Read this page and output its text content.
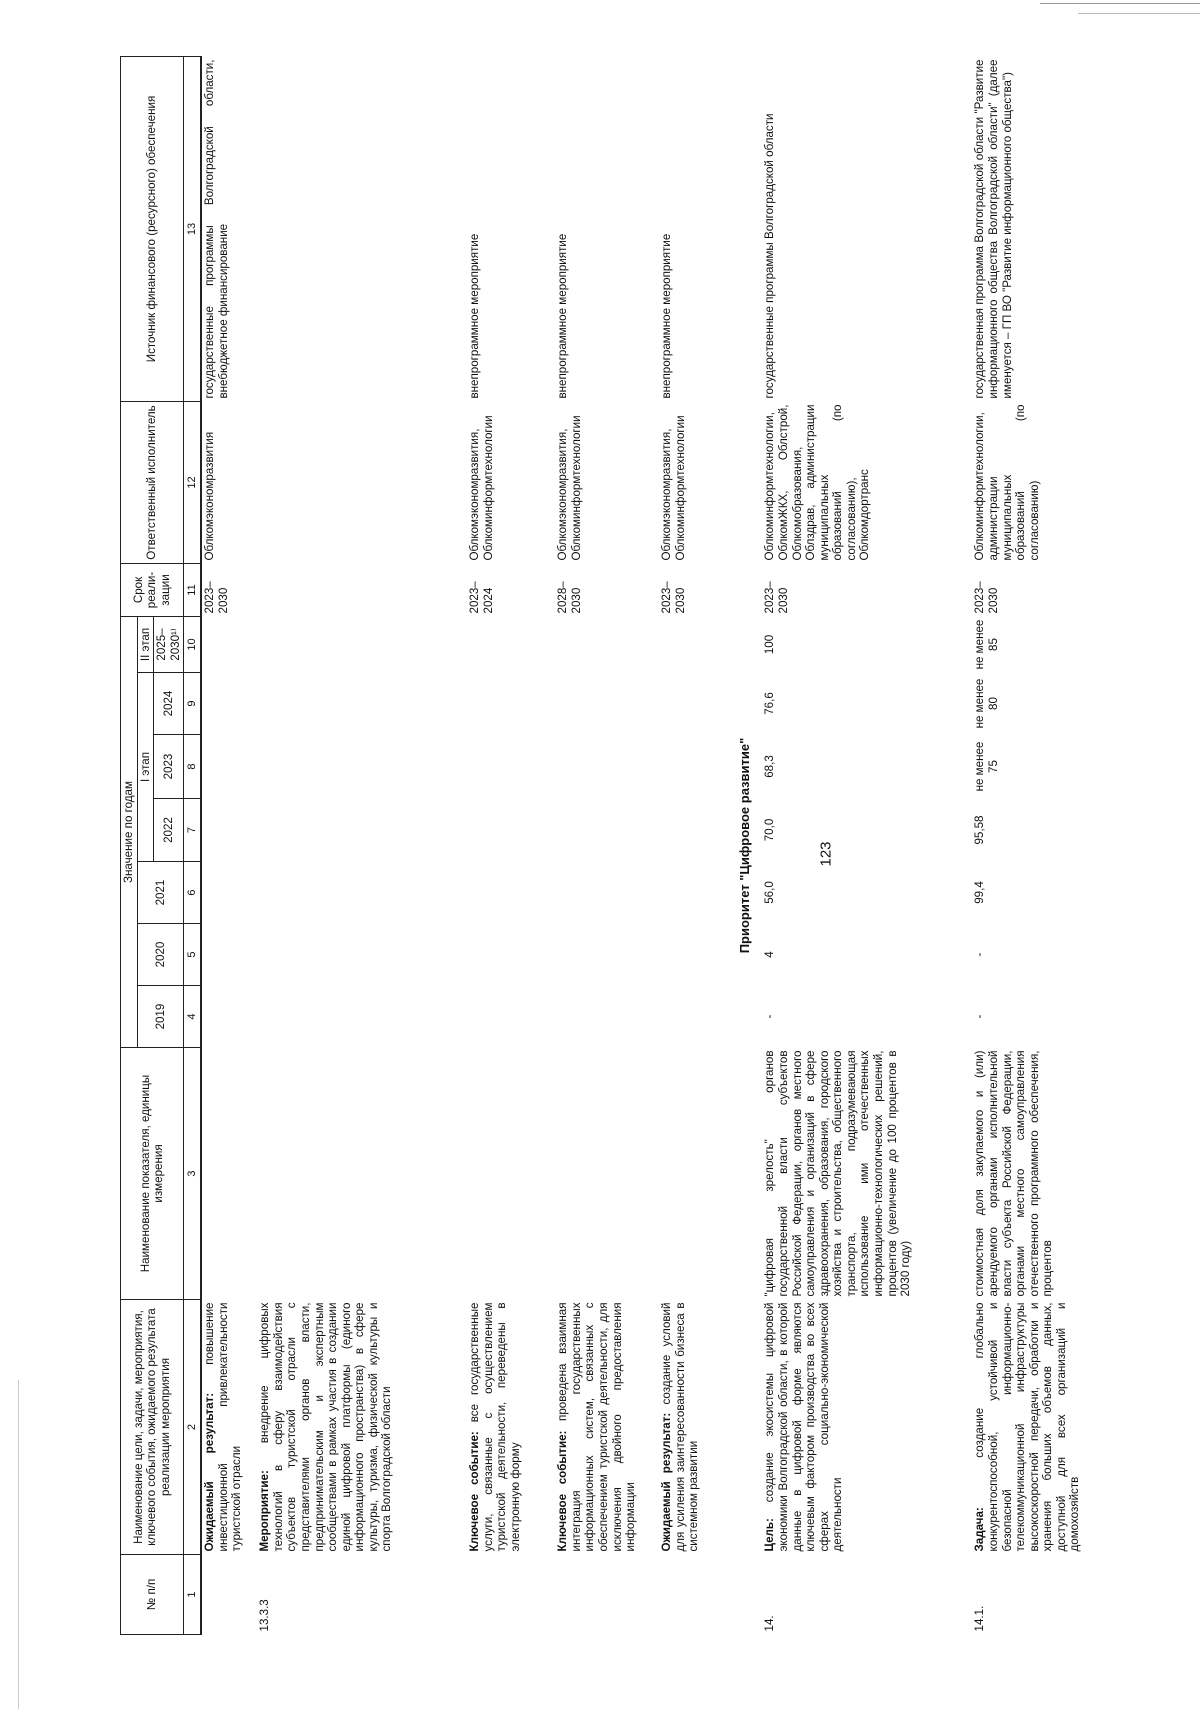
123
№ п/п	Наименование цели, задачи, мероприятия, ключевого события, ожидаемого результата реализации мероприятия	Наименование показателя, единицы измерения	Значение по годам							Срок реали-зации	Ответственный исполнитель	Источник финансового (ресурсного) обеспечения
			2019	2020	2021	I этап			II этап			
						2022	2023	2024	2025–2030¹⁾			
1	2	3	4	5	6	7	8	9	10	11	12	13
	Ожидаемый результат: повышение инвестиционной привлекательности туристской отрасли									2023–2030	Облкомэкономразвития	государственные программы Волгоградской области, внебюджетное финансирование
13.3.3	Мероприятие: внедрение цифровых технологий в сферу взаимодействия субъектов туристской отрасли с представителями органов власти, предпринимательским и экспертным сообществами в рамках участия в создании единой цифровой платформы (единого информационного пространства) в сфере культуры, туризма, физической культуры и спорта Волгоградской области											
	Ключевое событие: все государственные услуги, связанные с осуществлением туристской деятельности, переведены в электронную форму									2023–2024	Облкомэкономразвития, Облкоминформтехнологии	внепрограммное мероприятие
	Ключевое событие: проведена взаимная интеграция государственных информационных систем, связанных с обеспечением туристской деятельности, для исключения двойного предоставления информации									2028–2030	Облкомэкономразвития, Облкоминформтехнологии	внепрограммное мероприятие
	Ожидаемый результат: создание условий для усиления заинтересованности бизнеса в системном развитии									2023–2030	Облкомэкономразвития, Облкоминформтехнологии	внепрограммное мероприятие
Приоритет "Цифровое развитие"												
14.	Цель: создание экосистемы цифровой экономики Волгоградской области, в которой данные в цифровой форме являются ключевым фактором производства во всех сферах социально-экономической деятельности	"цифровая зрелость" органов государственной власти субъектов Российской Федерации, органов местного самоуправления и организаций в сфере здравоохранения, образования, городского хозяйства и строительства, общественного транспорта, подразумевающая использование ими отечественных информационно-технологических решений, процентов (увеличение до 100 процентов в 2030 году)	-	4	56,0	70,0	68,3	76,6	100	2023–2030	Облкоминформтехнологии, ОблкомЖКХ, Облстрой, Облкомобразования, Облздрав, администрации муниципальных образований (по согласованию), Облкомдортранс	государственные программы Волгоградской области
14.1.	Задача: создание глобально конкурентоспособной, устойчивой и безопасной информационно-телекоммуникационной инфраструктуры высокоскоростной передачи, обработки и хранения больших объемов данных, доступной для всех организаций и домохозяйств	стоимостная доля закупаемого и (или) арендуемого органами исполнительной власти субъекта Российской Федерации, органами местного самоуправления отечественного программного обеспечения, процентов	-	-	99,4	95,58	не менее 75	не менее 80	не менее 85	2023–2030	Облкоминформтехнологии, администрации муниципальных образований (по согласованию)	государственная программа Волгоградской области "Развитие информационного общества Волгоградской области" (далее именуется – ГП ВО "Развитие информационного общества")
